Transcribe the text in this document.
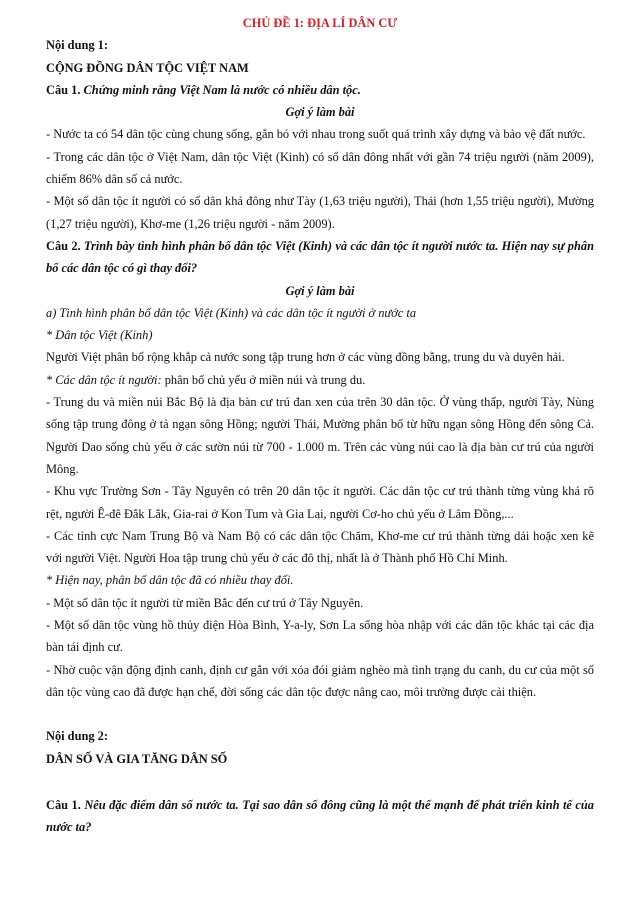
CHỦ ĐỀ 1: ĐỊA LÍ DÂN CƯ

Nội dung 1:

CỘNG ĐỒNG DÂN TỘC VIỆT NAM

Câu 1. Chứng minh rằng Việt Nam là nước có nhiều dân tộc.

Gợi ý làm bài

- Nước ta có 54 dân tộc cùng chung sống, gắn bó với nhau trong suốt quá trình xây dựng và bảo vệ đất nước.

- Trong các dân tộc ở Việt Nam, dân tộc Việt (Kinh) có số dân đông nhất với gần 74 triệu người (năm 2009), chiếm 86% dân số cả nước.

- Một số dân tộc ít người có số dân khá đông như Tày (1,63 triệu người), Thái (hơn 1,55 triệu người), Mường (1,27 triệu người), Khơ-me (1,26 triệu người - năm 2009).

Câu 2. Trình bày tình hình phân bố dân tộc Việt (Kinh) và các dân tộc ít người nước ta. Hiện nay sự phân bố các dân tộc có gì thay đổi?

Gợi ý làm bài

a) Tình hình phân bố dân tộc Việt (Kinh) và các dân tộc ít người ở nước ta

* Dân tộc Việt (Kinh)

Người Việt phân bố rộng khắp cả nước song tập trung hơn ở các vùng đồng bằng, trung du và duyên hải.

* Các dân tộc ít người: phân bố chủ yếu ở miền núi và trung du.

- Trung du và miền núi Bắc Bộ là địa bàn cư trú đan xen của trên 30 dân tộc. Ở vùng thấp, người Tày, Nùng sống tập trung đông ở tả ngạn sông Hồng; người Thái, Mường phân bố từ hữu ngạn sông Hồng đến sông Cả. Người Dao sống chủ yếu ở các sườn núi từ 700 - 1.000 m. Trên các vùng núi cao là địa bàn cư trú của người Mông.

- Khu vực Trường Sơn - Tây Nguyên có trên 20 dân tộc ít người. Các dân tộc cư trú thành từng vùng khá rõ rệt, người Ê-đê Đắk Lắk, Gia-rai ở Kon Tum và Gia Lai, người Cơ-ho chủ yếu ở Lâm Đồng,...

- Các tỉnh cực Nam Trung Bộ và Nam Bộ có các dân tộc Chăm, Khơ-me cư trú thành từng dải hoặc xen kẽ với người Việt. Người Hoa tập trung chủ yếu ở các đô thị, nhất là ở Thành phố Hồ Chí Minh.

* Hiện nay, phân bố dân tộc đã có nhiều thay đổi.

- Một số dân tộc ít người từ miền Bắc đến cư trú ở Tây Nguyên.

- Một số dân tộc vùng hồ thủy điện Hòa Bình, Y-a-ly, Sơn La sống hòa nhập với các dân tộc khác tại các địa bàn tái định cư.

- Nhờ cuộc vận động định canh, định cư gắn với xóa đói giảm nghèo mà tình trạng du canh, du cư của một số dân tộc vùng cao đã được hạn chế, đời sống các dân tộc được nâng cao, môi trường được cải thiện.

Nội dung 2:

DÂN SỐ VÀ GIA TĂNG DÂN SỐ

Câu 1. Nêu đặc điểm dân số nước ta. Tại sao dân số đông cũng là một thế mạnh để phát triển kinh tế của nước ta?
